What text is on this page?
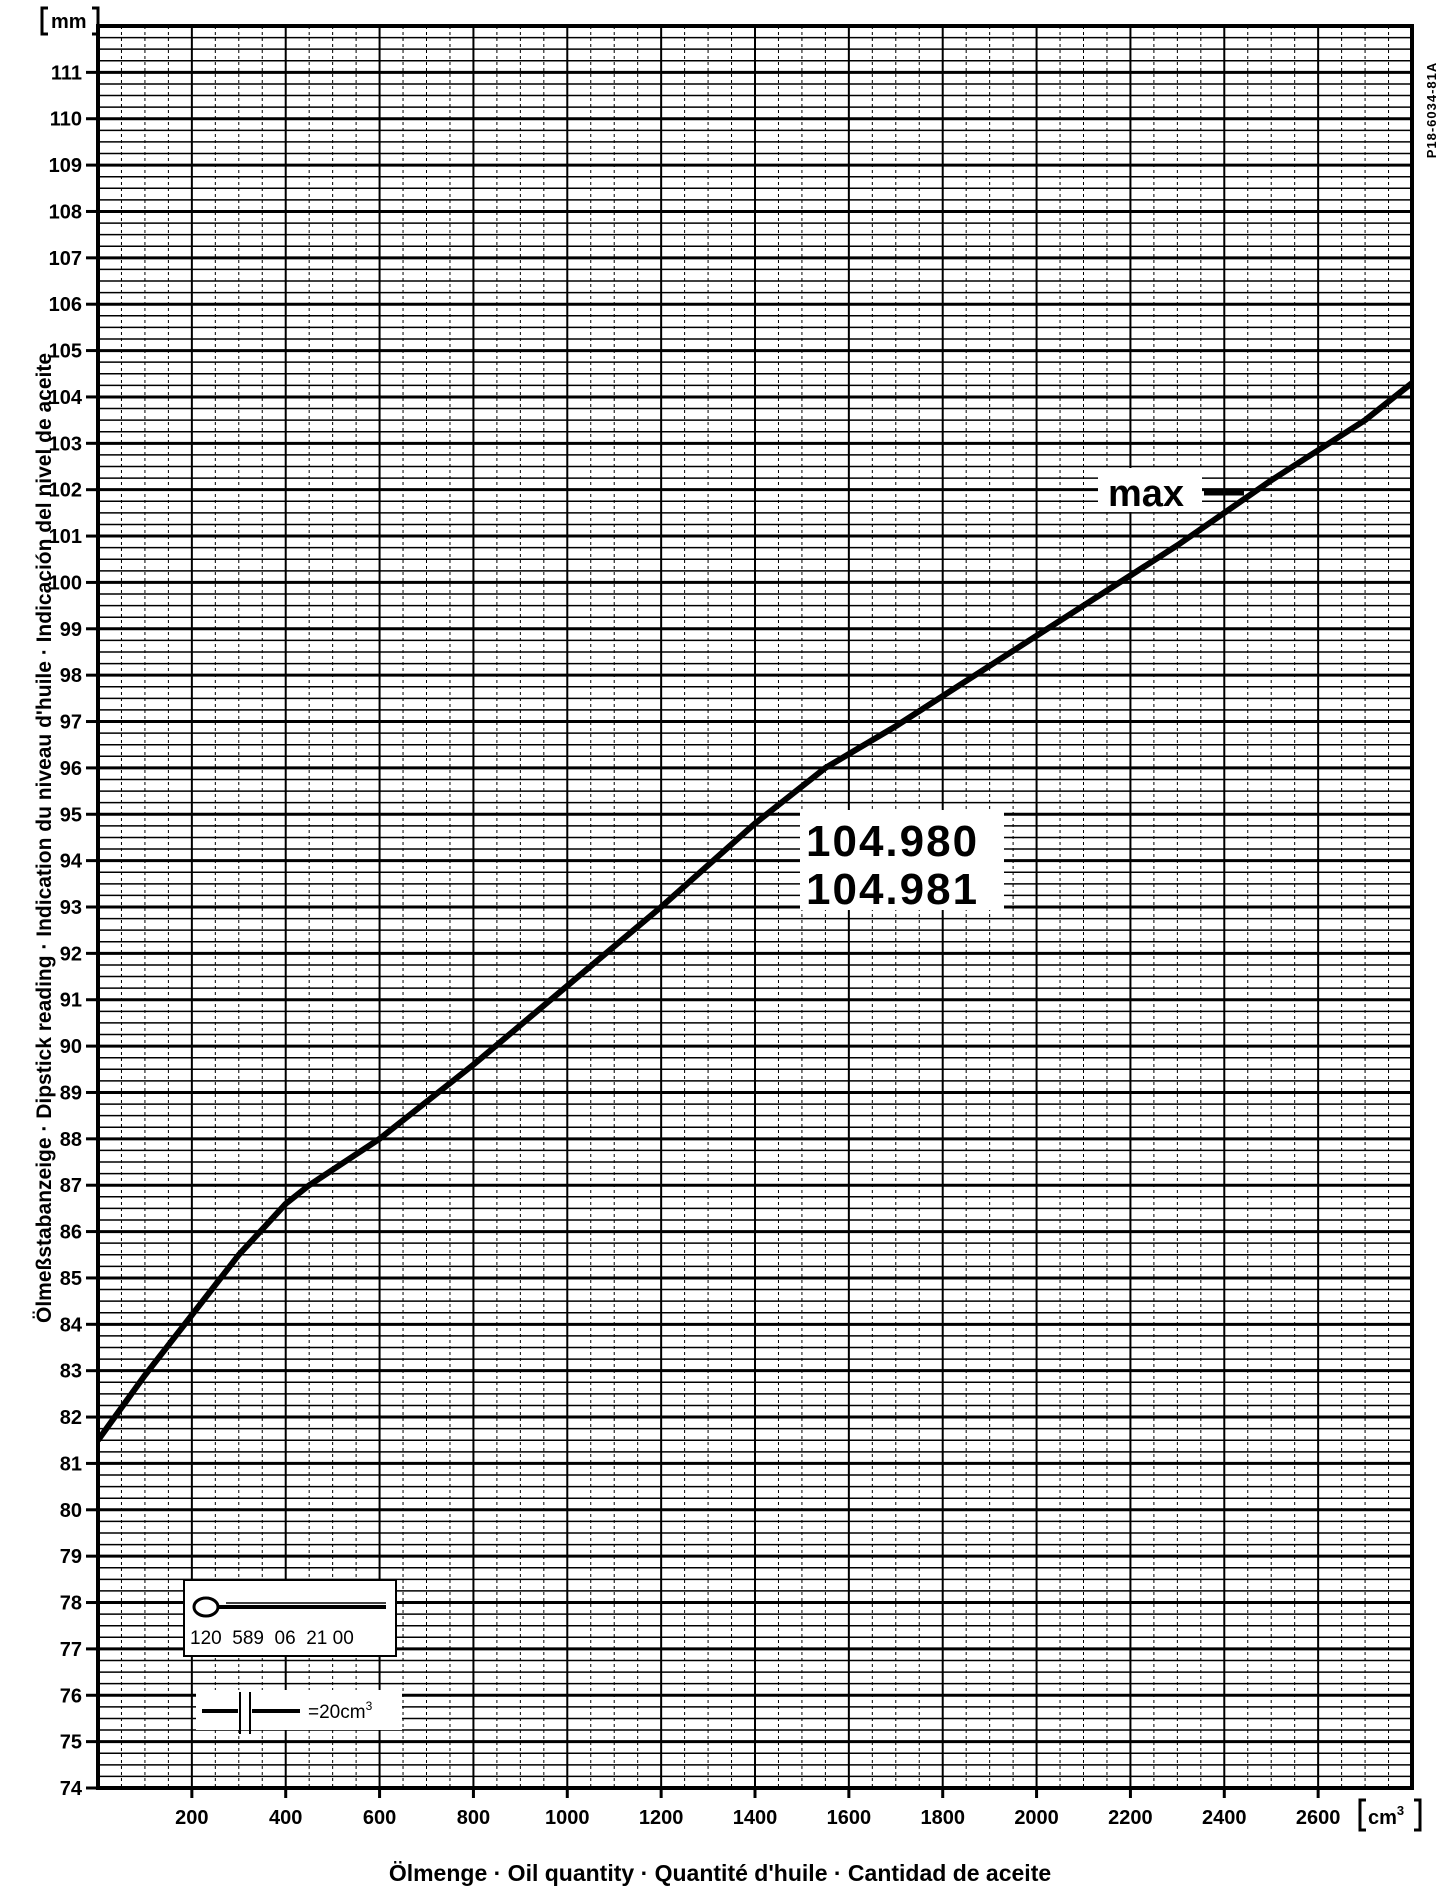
74
75
76
77
78
79
80
81
82
83
84
85
86
87
88
89
90
91
92
93
94
95
96
97
98
99
100
101
102
103
104
105
106
107
108
109
110
111
200	400	600	800	1000 1200 1400 1600 1800 2000 2200 2400 2600
max
104.980
104.981
120  589  06  21 00
$=20cm^3$
mm
$cm^3$
Ölmenge · Oil quantity · Quantité d'huile · Cantidad de aceite
Ölmeßstabanzeige · Dipstick reading · Indication du niveau d'huile · Indicación del nivel de aceite
P18-6034-81A
